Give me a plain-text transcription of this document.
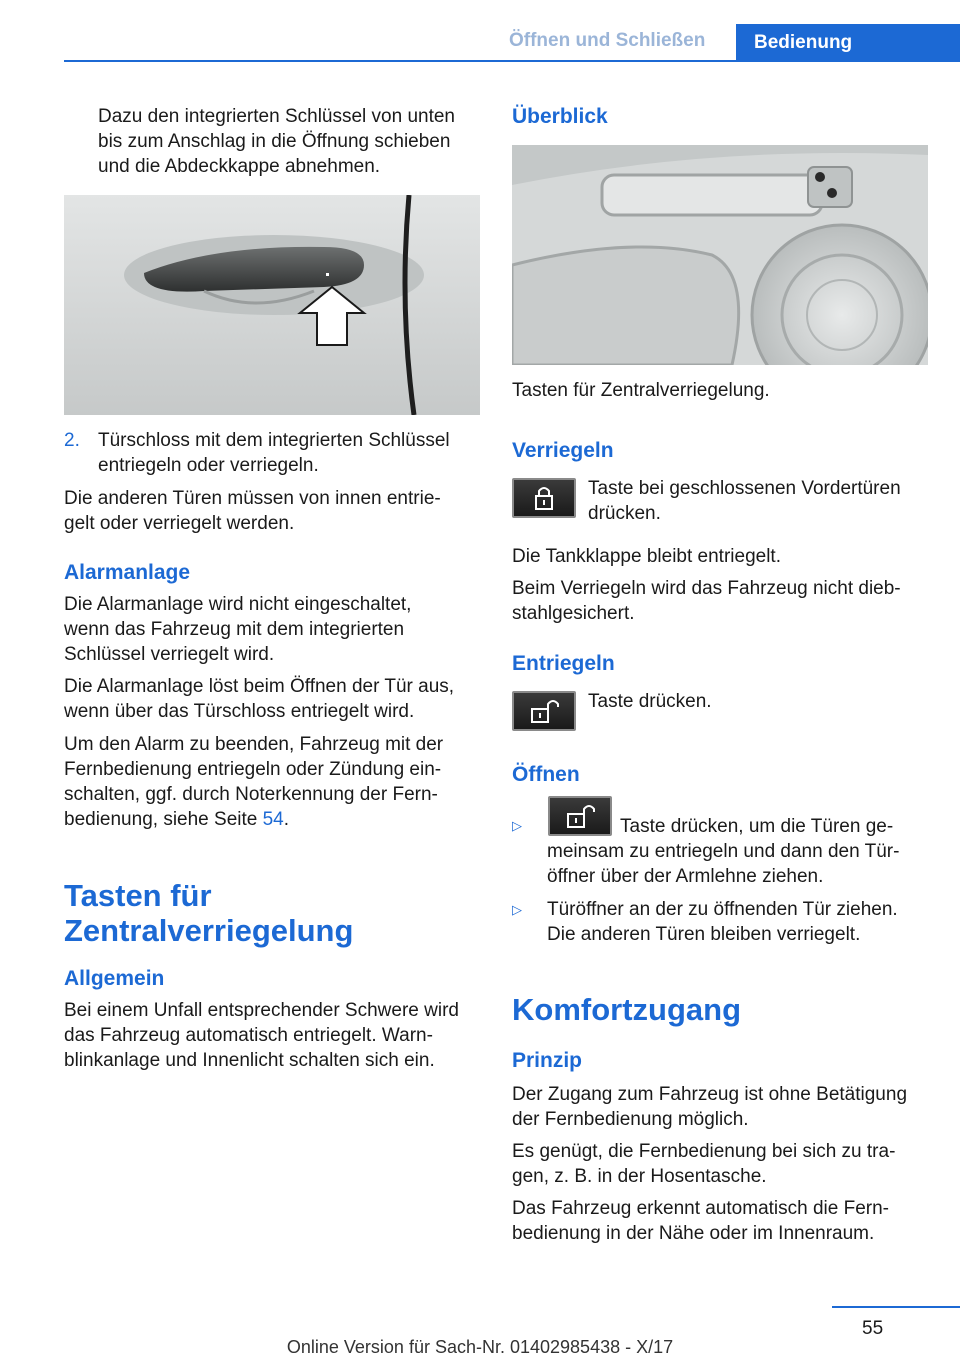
Öffnen und Schließen	Bedienung

Dazu den integrierten Schlüssel von unten

bis zum Anschlag in die Öffnung schieben

und die Abdeckkappe abnehmen.

2. Türschloss mit dem integrierten Schlüssel

entriegeln oder verriegeln.

Die anderen Türen müssen von innen entrie‐

gelt oder verriegelt werden.

Alarmanlage

Die Alarmanlage wird nicht eingeschaltet,

wenn das Fahrzeug mit dem integrierten

Schlüssel verriegelt wird.

Die Alarmanlage löst beim Öffnen der Tür aus,

wenn über das Türschloss entriegelt wird.

Um den Alarm zu beenden, Fahrzeug mit der

Fernbedienung entriegeln oder Zündung ein‐

schalten, ggf. durch Noterkennung der Fern‐

bedienung, siehe Seite 54.

Tasten für
Zentralverriegelung
Allgemein

Bei einem Unfall entsprechender Schwere wird

das Fahrzeug automatisch entriegelt. Warn‐

blinkanlage und Innenlicht schalten sich ein.

Überblick
Tasten für Zentralverriegelung.
Verriegeln

Taste bei geschlossenen Vordertüren

drücken.

Die Tankklappe bleibt entriegelt.

Beim Verriegeln wird das Fahrzeug nicht dieb‐

stahlgesichert.

Entriegeln
Taste drücken.
Öffnen
▷	Taste drücken, um die Türen ge‐

meinsam zu entriegeln und dann den Tür‐

öffner über der Armlehne ziehen.

▷ Türöffner an der zu öffnenden Tür ziehen.

Die anderen Türen bleiben verriegelt.

Komfortzugang
Prinzip

Der Zugang zum Fahrzeug ist ohne Betätigung

der Fernbedienung möglich.

Es genügt, die Fernbedienung bei sich zu tra‐

gen, z. B. in der Hosentasche.

Das Fahrzeug erkennt automatisch die Fern‐

bedienung in der Nähe oder im Innenraum.

55
Online Version für Sach-Nr. 01402985438 - X/17
